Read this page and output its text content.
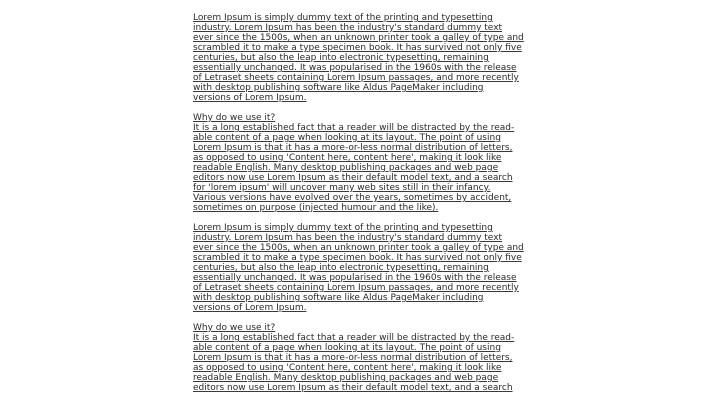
Lorem Ipsum is simply dummy text of the printing and typesetting
industry. Lorem Ipsum has been the industry's standard dummy text
ever since the 1500s, when an unknown printer took a galley of type and
scrambled it to make a type specimen book. It has survived not only five
centuries, but also the leap into electronic typesetting, remaining
essentially unchanged. It was popularised in the 1960s with the release
of Letraset sheets containing Lorem Ipsum passages, and more recently
with desktop publishing software like Aldus PageMaker including
versions of Lorem Ipsum.

Why do we use it?
It is a long established fact that a reader will be distracted by the read-
able content of a page when looking at its layout. The point of using
Lorem Ipsum is that it has a more-or-less normal distribution of letters,
as opposed to using 'Content here, content here', making it look like
readable English. Many desktop publishing packages and web page
editors now use Lorem Ipsum as their default model text, and a search
for 'lorem ipsum' will uncover many web sites still in their infancy.
Various versions have evolved over the years, sometimes by accident,
sometimes on purpose (injected humour and the like).

Lorem Ipsum is simply dummy text of the printing and typesetting
industry. Lorem Ipsum has been the industry's standard dummy text
ever since the 1500s, when an unknown printer took a galley of type and
scrambled it to make a type specimen book. It has survived not only five
centuries, but also the leap into electronic typesetting, remaining
essentially unchanged. It was popularised in the 1960s with the release
of Letraset sheets containing Lorem Ipsum passages, and more recently
with desktop publishing software like Aldus PageMaker including
versions of Lorem Ipsum.

Why do we use it?
It is a long established fact that a reader will be distracted by the read-
able content of a page when looking at its layout. The point of using
Lorem Ipsum is that it has a more-or-less normal distribution of letters,
as opposed to using 'Content here, content here', making it look like
readable English. Many desktop publishing packages and web page
editors now use Lorem Ipsum as their default model text, and a search
